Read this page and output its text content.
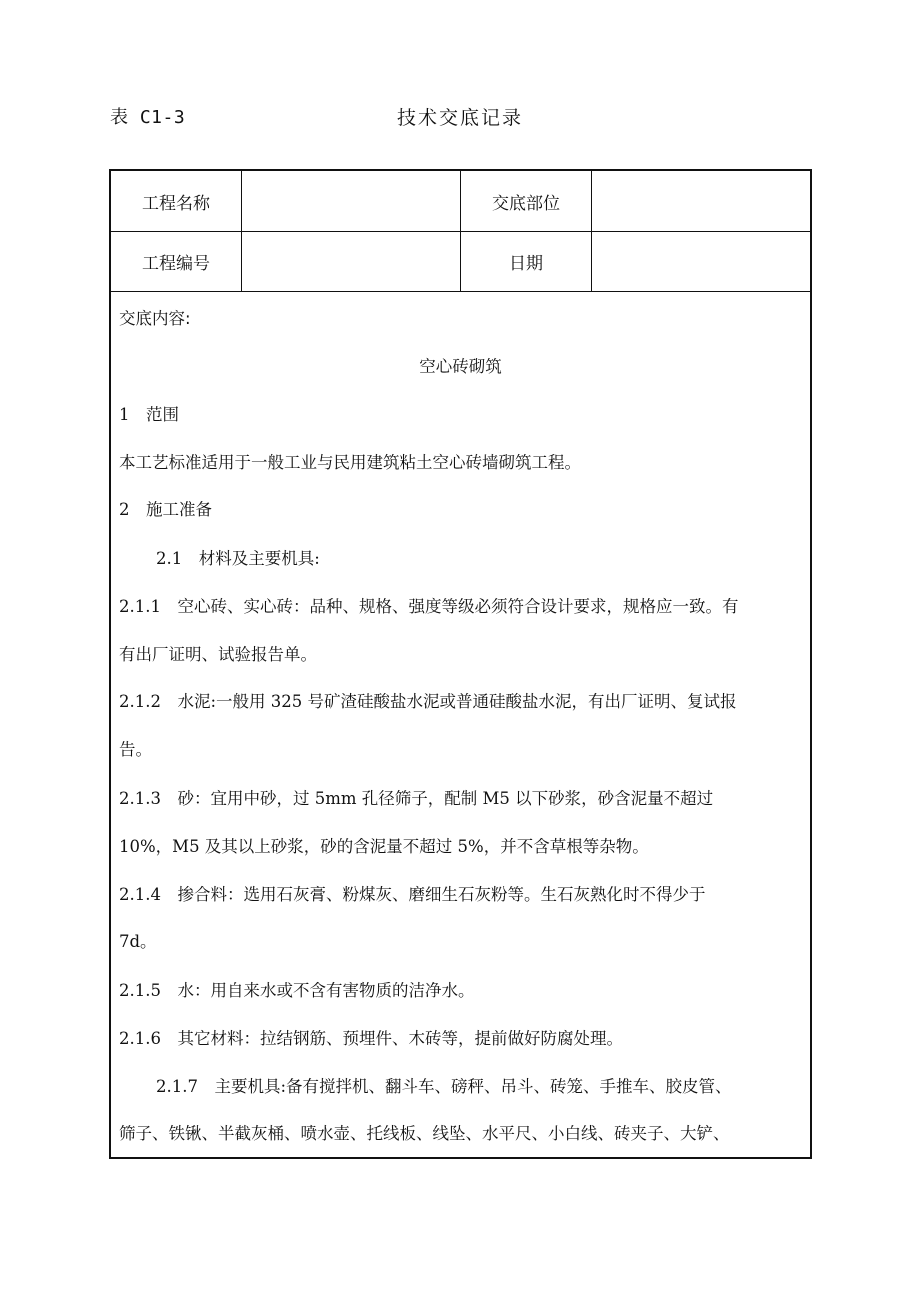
表 C1-3	技术交底记录
工程名称	交底部位
工程编号	日期
交底内容:
空心砖砌筑
1　范围
本工艺标准适用于一般工业与民用建筑粘土空心砖墙砌筑工程。
2　施工准备
2.1　材料及主要机具:
2.1.1　空心砖、实心砖：品种、规格、强度等级必须符合设计要求，规格应一致。有
有出厂证明、试验报告单。
2.1.2　水泥:一般用 325 号矿渣硅酸盐水泥或普通硅酸盐水泥，有出厂证明、复试报
告。
2.1.3　砂：宜用中砂，过 5mm 孔径筛子，配制 M5 以下砂浆，砂含泥量不超过
10%，M5 及其以上砂浆，砂的含泥量不超过 5%，并不含草根等杂物。
2.1.4　掺合料：选用石灰膏、粉煤灰、磨细生石灰粉等。生石灰熟化时不得少于
7d。
2.1.5　水：用自来水或不含有害物质的洁净水。
2.1.6　其它材料：拉结钢筋、预埋件、木砖等，提前做好防腐处理。
2.1.7　主要机具:备有搅拌机、翻斗车、磅秤、吊斗、砖笼、手推车、胶皮管、
筛子、铁锹、半截灰桶、喷水壶、托线板、线坠、水平尺、小白线、砖夹子、大铲、
